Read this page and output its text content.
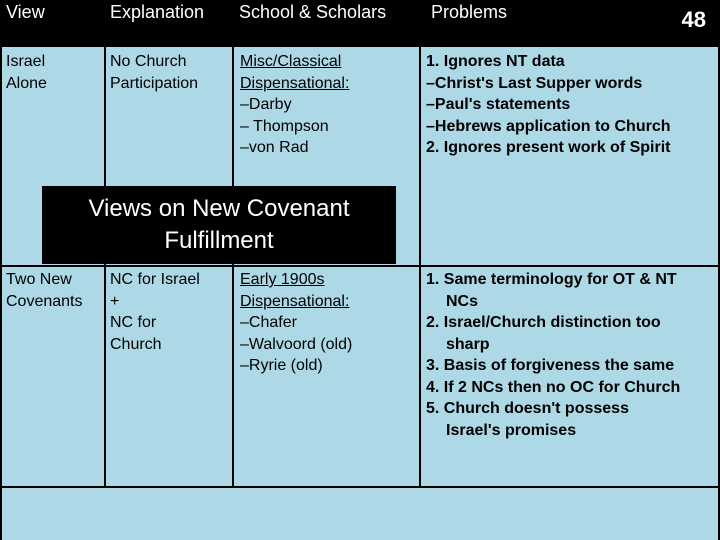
View	Explanation School & Scholars Problems	48
Israel
Alone
No Church
Participation
Misc/Classical
Dispensational:
–Darby
– Thompson
–von Rad
1. Ignores NT data
–Christ's Last Supper words
–Paul's statements
–Hebrews application to Church
2. Ignores present work of Spirit
Two New
Covenants
NC for Israel
+
NC for
Church
Early 1900s
Dispensational:
–Chafer
–Walvoord (old)
–Ryrie (old)
1. Same terminology for OT & NT
NCs
2. Israel/Church distinction too
sharp
3. Basis of forgiveness the same
4. If 2 NCs then no OC for Church
5. Church doesn't possess
Israel's promises
Views on New Covenant
Fulfillment
